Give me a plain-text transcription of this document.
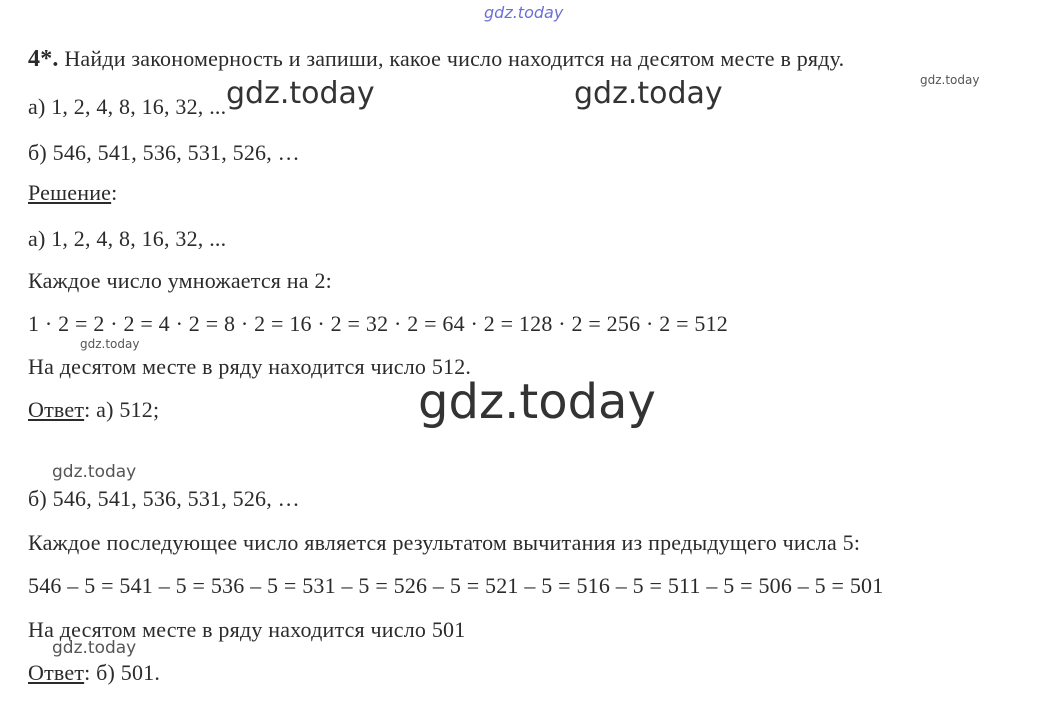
gdz.today
gdz.today
gdz.today	gdz.today
gdz.today
gdz.today
gdz.today
gdz.today
4*. Найди закономерность и запиши, какое число находится на десятом месте в ряду.
а) 1, 2, 4, 8, 16, 32, ...
б) 546, 541, 536, 531, 526, …
Решение:
а) 1, 2, 4, 8, 16, 32, ...
Каждое число умножается на 2:
1 · 2 = 2 · 2 = 4 · 2 = 8 · 2 = 16 · 2 = 32 · 2 = 64 · 2 = 128 · 2 = 256 · 2 = 512
На десятом месте в ряду находится число 512.
Ответ: а) 512;
б) 546, 541, 536, 531, 526, …
Каждое последующее число является результатом вычитания из предыдущего числа 5:
546 – 5 = 541 – 5 = 536 – 5 = 531 – 5 = 526 – 5 = 521 – 5 = 516 – 5 = 511 – 5 = 506 – 5 = 501
На десятом месте в ряду находится число 501
Ответ: б) 501.
